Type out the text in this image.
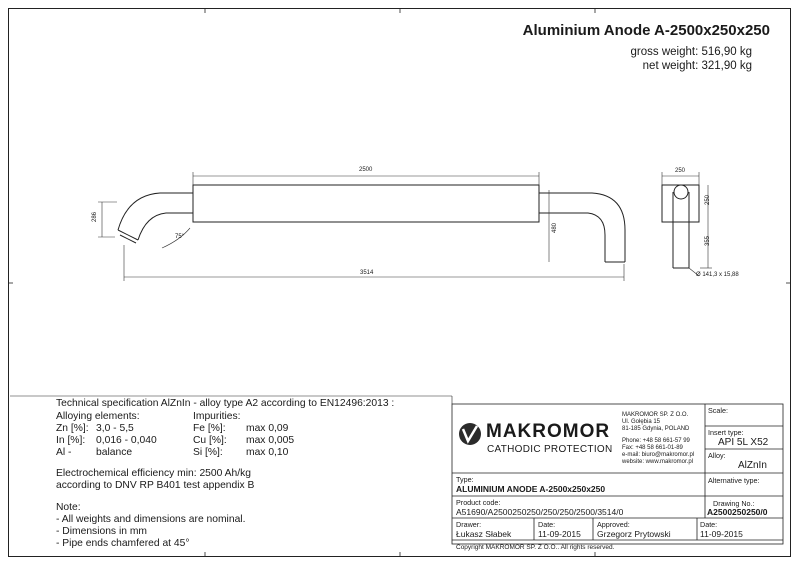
Aluminium Anode A-2500x250x250
gross weight: 516,90 kg
net weight: 321,90 kg
2500
3514
286
480
75°
250
250
355
Ø 141,3 x 15,88
Technical specification AlZnIn - alloy type A2 according to EN12496:2013 :
Alloying elements:	Impurities:
Zn [%]: 3,0 - 5,5
In [%]: 0,016 - 0,040
Al - balance
Fe [%]: max 0,09
Cu [%]: max 0,005
Si [%]: max 0,10
Electrochemical efficiency min: 2500 Ah/kg
according to DNV RP B401 test appendix B
Note:
- All weights and dimensions are nominal.
- Dimensions in mm
- Pipe ends chamfered at 45°
MAKROMOR
CATHODIC PROTECTION
MAKROMOR SP. Z O.O.
Ul. Gołębia 15
81-185 Gdynia, POLAND
Phone: +48 58 661-57 99
Fax: +48 58 661-01-89
e-mail: biuro@makromor.pl
website: www.makromor.pl
Scale:
Insert type:
API 5L X52
Alloy:
AlZnIn
Type:
ALUMINIUM ANODE A-2500x250x250
Alternative type:
Product code:
A51690/A2500250250/250/250/2500/3514/0
Drawing No.:
A2500250250/0
Drawer:
Łukasz Słabek
Date:
11-09-2015
Approved:
Grzegorz Prytowski
Date:
11-09-2015
Copyright MAKROMOR SP. Z O.O.. All rights reserved.
